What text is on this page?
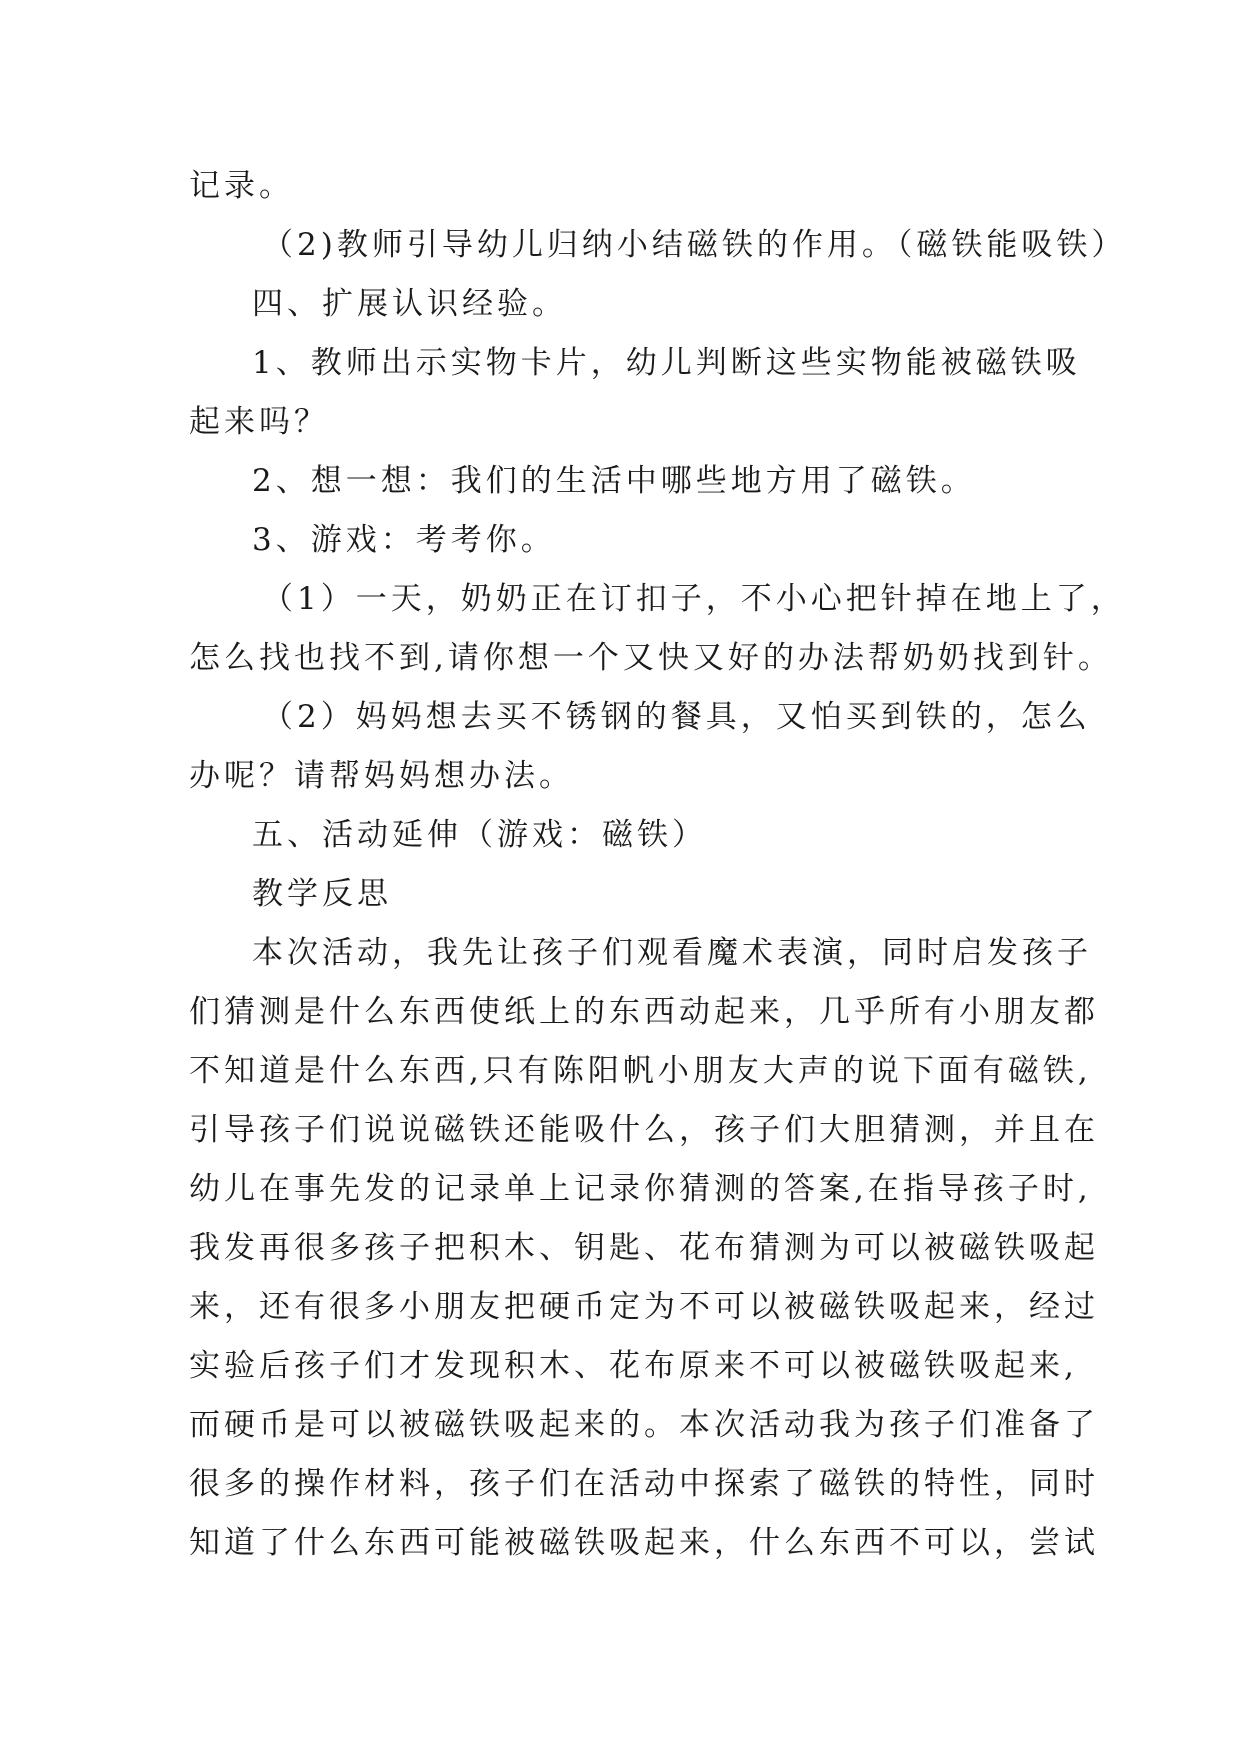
记录。
（2)教师引导幼儿归纳小结磁铁的作用。（磁铁能吸铁）
四、扩展认识经验。
1、教师出示实物卡片，幼儿判断这些实物能被磁铁吸
起来吗？
2、想一想：我们的生活中哪些地方用了磁铁。
3、游戏：考考你。
（1）一天，奶奶正在订扣子，不小心把针掉在地上了，
怎么找也找不到,请你想一个又快又好的办法帮奶奶找到针。
（2）妈妈想去买不锈钢的餐具，又怕买到铁的，怎么
办呢？请帮妈妈想办法。
五、活动延伸（游戏：磁铁）
教学反思
本次活动，我先让孩子们观看魔术表演，同时启发孩子
们猜测是什么东西使纸上的东西动起来，几乎所有小朋友都
不知道是什么东西,只有陈阳帆小朋友大声的说下面有磁铁,
引导孩子们说说磁铁还能吸什么，孩子们大胆猜测，并且在
幼儿在事先发的记录单上记录你猜测的答案,在指导孩子时,
我发再很多孩子把积木、钥匙、花布猜测为可以被磁铁吸起
来，还有很多小朋友把硬币定为不可以被磁铁吸起来，经过
实验后孩子们才发现积木、花布原来不可以被磁铁吸起来,
而硬币是可以被磁铁吸起来的。本次活动我为孩子们准备了
很多的操作材料，孩子们在活动中探索了磁铁的特性，同时
知道了什么东西可能被磁铁吸起来，什么东西不可以，尝试
